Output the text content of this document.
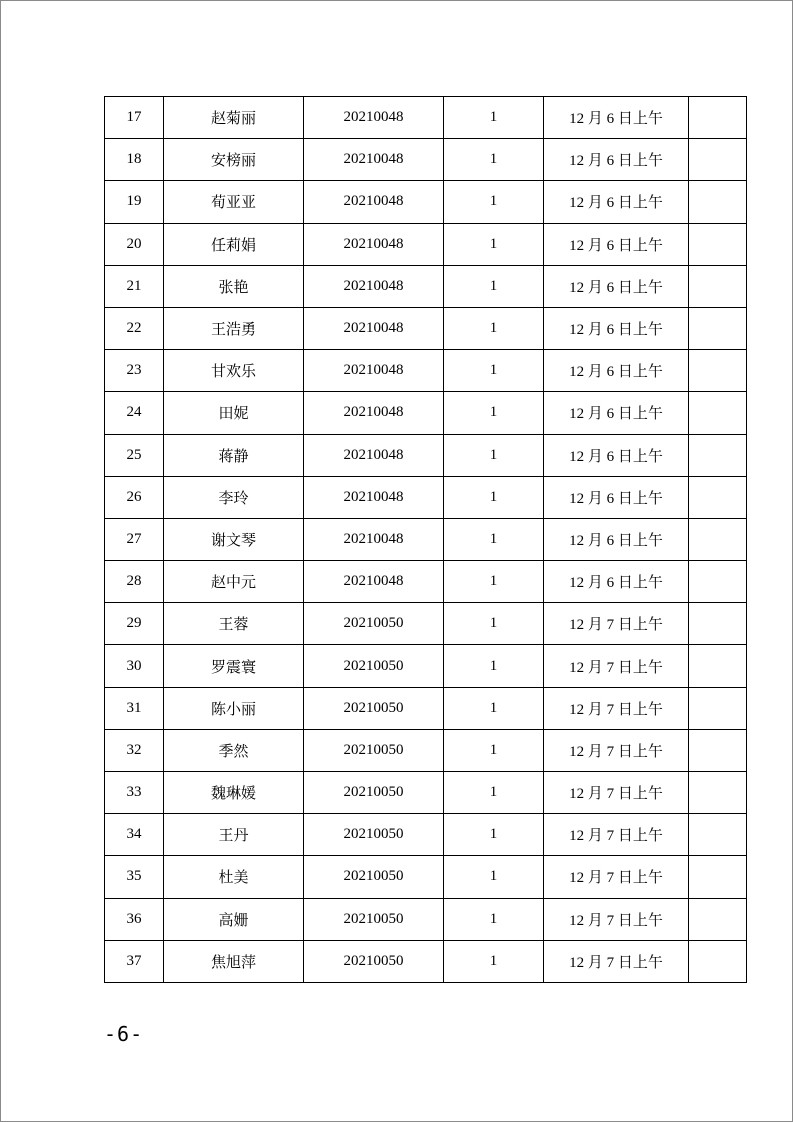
17	赵菊丽	20210048	1	12 月 6 日上午	
18	安榜丽	20210048	1	12 月 6 日上午	
19	荀亚亚	20210048	1	12 月 6 日上午	
20	任莉娟	20210048	1	12 月 6 日上午	
21	张艳	20210048	1	12 月 6 日上午	
22	王浩勇	20210048	1	12 月 6 日上午	
23	甘欢乐	20210048	1	12 月 6 日上午	
24	田妮	20210048	1	12 月 6 日上午	
25	蒋静	20210048	1	12 月 6 日上午	
26	李玲	20210048	1	12 月 6 日上午	
27	谢文琴	20210048	1	12 月 6 日上午	
28	赵中元	20210048	1	12 月 6 日上午	
29	王蓉	20210050	1	12 月 7 日上午	
30	罗震寰	20210050	1	12 月 7 日上午	
31	陈小丽	20210050	1	12 月 7 日上午	
32	季然	20210050	1	12 月 7 日上午	
33	魏琳媛	20210050	1	12 月 7 日上午	
34	王丹	20210050	1	12 月 7 日上午	
35	杜美	20210050	1	12 月 7 日上午	
36	高姗	20210050	1	12 月 7 日上午	
37	焦旭萍	20210050	1	12 月 7 日上午	
-6-
